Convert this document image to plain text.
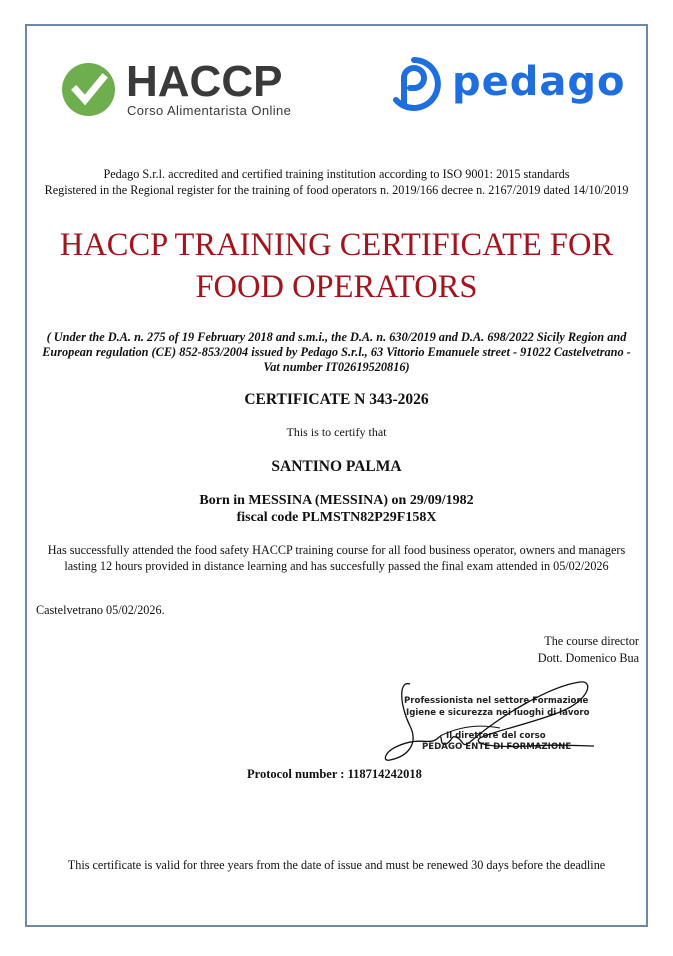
HACCP
Corso Alimentarista Online
pedago
Pedago S.r.l. accredited and certified training institution according to ISO 9001: 2015 standards
Registered in the Regional register for the training of food operators n. 2019/166 decree n. 2167/2019 dated 14/10/2019
HACCP TRAINING CERTIFICATE FOR
FOOD OPERATORS
( Under the D.A. n. 275 of 19 February 2018 and s.m.i., the D.A. n. 630/2019 and D.A. 698/2022 Sicily Region and European regulation (CE) 852-853/2004 issued by Pedago S.r.l., 63 Vittorio Emanuele street - 91022 Castelvetrano - Vat number IT02619520816)
CERTIFICATE N 343-2026
This is to certify that
SANTINO PALMA
Born in MESSINA (MESSINA) on 29/09/1982
fiscal code PLMSTN82P29F158X
Has successfully attended the food safety HACCP training course for all food business operator, owners and managers
lasting 12 hours provided in distance learning and has succesfully passed the final exam attended in 05/02/2026
Castelvetrano 05/02/2026.
The course director
Dott. Domenico Bua
Professionista nel settore Formazione
Igiene e sicurezza nei luoghi di lavoro
Il direttore del corso
PEDAGO ENTE DI FORMAZIONE
Protocol number : 118714242018
This certificate is valid for three years from the date of issue and must be renewed 30 days before the deadline
